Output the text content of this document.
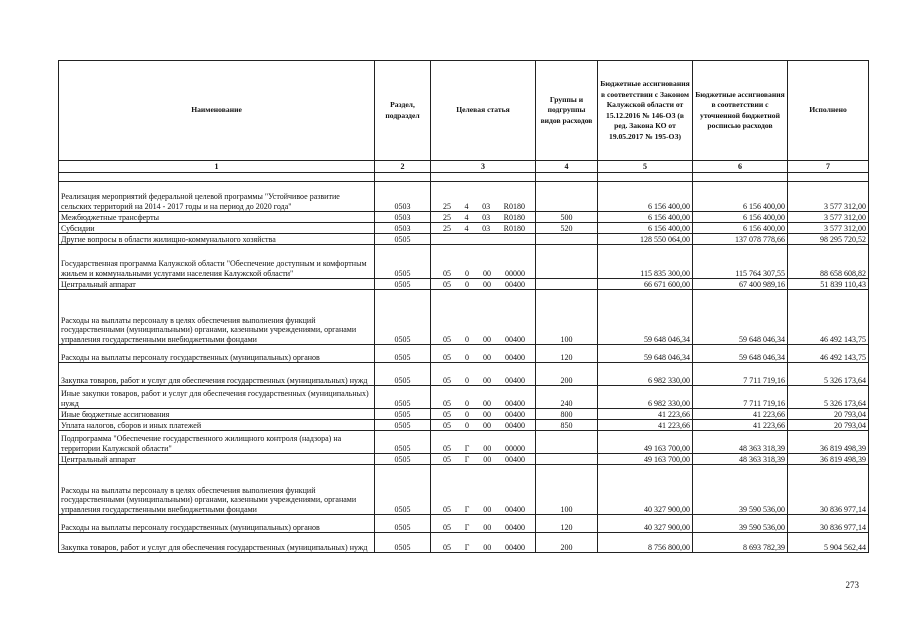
Наименование	Раздел, подраздел	Целевая статья	Группы и подгруппы видов расходов	Бюджетные ассигнования в соответствии с Законом Калужской области от 15.12.2016 № 146-ОЗ (в ред. Закона КО от 19.05.2017 № 195-ОЗ)	Бюджетные ассигнования в соответствии с уточненной бюджетной росписью расходов	Исполнено
1	2	3	4	5	6	7

Реализация мероприятий федеральной целевой программы "Устойчивое развитие сельских территорий на 2014 - 2017 годы и на период до 2020 года"	0503	25 4 03 R0180		6 156 400,00	6 156 400,00	3 577 312,00
Межбюджетные трансферты	0503	25 4 03 R0180	500	6 156 400,00	6 156 400,00	3 577 312,00
Субсидии	0503	25 4 03 R0180	520	6 156 400,00	6 156 400,00	3 577 312,00
Другие вопросы в области жилищно-коммунального хозяйства	0505			128 550 064,00	137 078 778,66	98 295 720,52
Государственная программа Калужской области "Обеспечение доступным и комфортным жильем и коммунальными услугами населения Калужской области"	0505	05 0 00 00000		115 835 300,00	115 764 307,55	88 658 608,82
Центральный аппарат	0505	05 0 00 00400		66 671 600,00	67 400 989,16	51 839 110,43
Расходы на выплаты персоналу в целях обеспечения выполнения функций государственными (муниципальными) органами, казенными учреждениями, органами управления государственными внебюджетными фондами	0505	05 0 00 00400	100	59 648 046,34	59 648 046,34	46 492 143,75
Расходы на выплаты персоналу государственных (муниципальных) органов	0505	05 0 00 00400	120	59 648 046,34	59 648 046,34	46 492 143,75
Закупка товаров, работ и услуг для обеспечения государственных (муниципальных) нужд	0505	05 0 00 00400	200	6 982 330,00	7 711 719,16	5 326 173,64
Иные закупки товаров, работ и услуг для обеспечения государственных (муниципальных) нужд	0505	05 0 00 00400	240	6 982 330,00	7 711 719,16	5 326 173,64
Иные бюджетные ассигнования	0505	05 0 00 00400	800	41 223,66	41 223,66	20 793,04
Уплата налогов, сборов и иных платежей	0505	05 0 00 00400	850	41 223,66	41 223,66	20 793,04
Подпрограмма "Обеспечение государственного жилищного контроля (надзора) на территории Калужской области"	0505	05 Г 00 00000		49 163 700,00	48 363 318,39	36 819 498,39
Центральный аппарат	0505	05 Г 00 00400		49 163 700,00	48 363 318,39	36 819 498,39
Расходы на выплаты персоналу в целях обеспечения выполнения функций государственными (муниципальными) органами, казенными учреждениями, органами управления государственными внебюджетными фондами	0505	05 Г 00 00400	100	40 327 900,00	39 590 536,00	30 836 977,14
Расходы на выплаты персоналу государственных (муниципальных) органов	0505	05 Г 00 00400	120	40 327 900,00	39 590 536,00	30 836 977,14
Закупка товаров, работ и услуг для обеспечения государственных (муниципальных) нужд	0505	05 Г 00 00400	200	8 756 800,00	8 693 782,39	5 904 562,44
273
